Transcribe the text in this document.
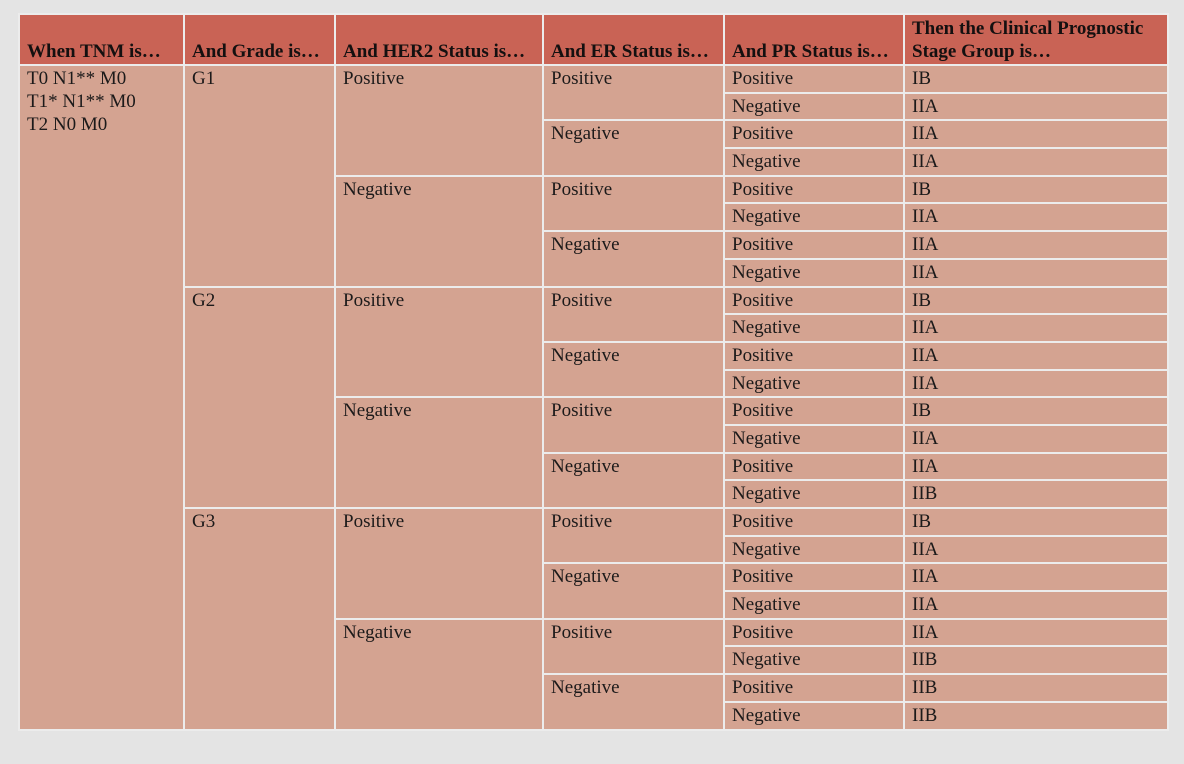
When TNM is…	And Grade is…	And HER2 Status is…	And ER Status is…	And PR Status is…	Then the Clinical Prognostic Stage Group is…

T0 N1** M0
T1* N1** M0
T2 N0 M0	G1	Positive	Positive	Positive	IB
				Negative	IIA
			Negative	Positive	IIA
				Negative	IIA
		Negative	Positive	Positive	IB
				Negative	IIA
			Negative	Positive	IIA
				Negative	IIA
	G2	Positive	Positive	Positive	IB
				Negative	IIA
			Negative	Positive	IIA
				Negative	IIA
		Negative	Positive	Positive	IB
				Negative	IIA
			Negative	Positive	IIA
				Negative	IIB
	G3	Positive	Positive	Positive	IB
				Negative	IIA
			Negative	Positive	IIA
				Negative	IIA
		Negative	Positive	Positive	IIA
				Negative	IIB
			Negative	Positive	IIB
				Negative	IIB
